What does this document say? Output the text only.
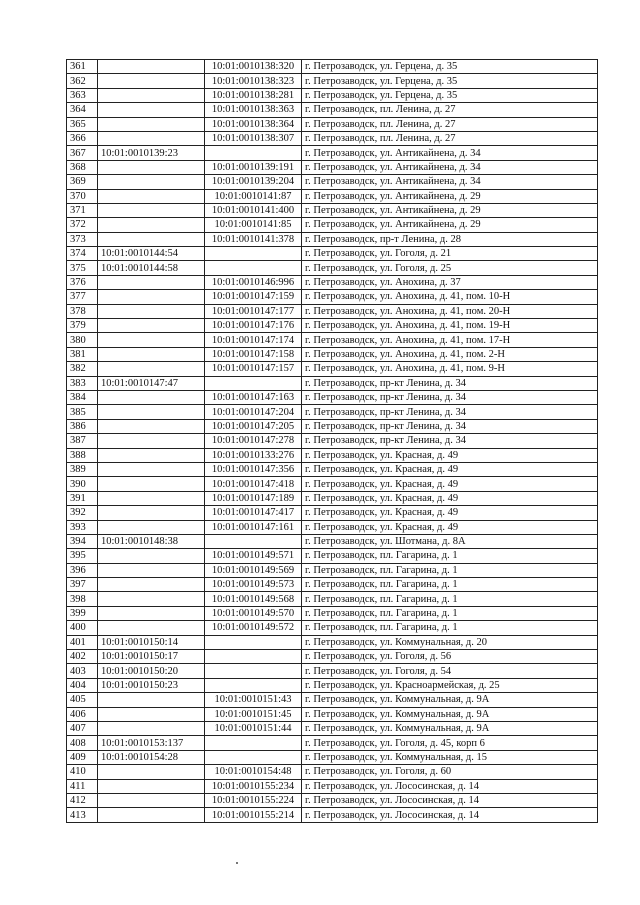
361		10:01:0010138:320	г. Петрозаводск, ул. Герцена, д. 35
362		10:01:0010138:323	г. Петрозаводск, ул. Герцена, д. 35
363		10:01:0010138:281	г. Петрозаводск, ул. Герцена, д. 35
364		10:01:0010138:363	г. Петрозаводск, пл. Ленина, д. 27
365		10:01:0010138:364	г. Петрозаводск, пл. Ленина, д. 27
366		10:01:0010138:307	г. Петрозаводск, пл. Ленина, д. 27
367	10:01:0010139:23		г. Петрозаводск, ул. Антикайнена, д. 34
368		10:01:0010139:191	г. Петрозаводск, ул. Антикайнена, д. 34
369		10:01:0010139:204	г. Петрозаводск, ул. Антикайнена, д. 34
370		10:01:0010141:87	г. Петрозаводск, ул. Антикайнена, д. 29
371		10:01:0010141:400	г. Петрозаводск, ул. Антикайнена, д. 29
372		10:01:0010141:85	г. Петрозаводск, ул. Антикайнена, д. 29
373		10:01:0010141:378	г. Петрозаводск, пр-т Ленина, д. 28
374	10:01:0010144:54		г. Петрозаводск, ул. Гоголя, д. 21
375	10:01:0010144:58		г. Петрозаводск, ул. Гоголя, д. 25
376		10:01:0010146:996	г. Петрозаводск, ул. Анохина, д. 37
377		10:01:0010147:159	г. Петрозаводск, ул. Анохина, д. 41, пом. 10-Н
378		10:01:0010147:177	г. Петрозаводск, ул. Анохина, д. 41, пом. 20-Н
379		10:01:0010147:176	г. Петрозаводск, ул. Анохина, д. 41, пом. 19-Н
380		10:01:0010147:174	г. Петрозаводск, ул. Анохина, д. 41, пом. 17-Н
381		10:01:0010147:158	г. Петрозаводск, ул. Анохина, д. 41, пом. 2-Н
382		10:01:0010147:157	г. Петрозаводск, ул. Анохина, д. 41, пом. 9-Н
383	10:01:0010147:47		г. Петрозаводск, пр-кт Ленина, д. 34
384		10:01:0010147:163	г. Петрозаводск, пр-кт Ленина, д. 34
385		10:01:0010147:204	г. Петрозаводск, пр-кт Ленина, д. 34
386		10:01:0010147:205	г. Петрозаводск, пр-кт Ленина, д. 34
387		10:01:0010147:278	г. Петрозаводск, пр-кт Ленина, д. 34
388		10:01:0010133:276	г. Петрозаводск, ул. Красная, д. 49
389		10:01:0010147:356	г. Петрозаводск, ул. Красная, д. 49
390		10:01:0010147:418	г. Петрозаводск, ул. Красная, д. 49
391		10:01:0010147:189	г. Петрозаводск, ул. Красная, д. 49
392		10:01:0010147:417	г. Петрозаводск, ул. Красная, д. 49
393		10:01:0010147:161	г. Петрозаводск, ул. Красная, д. 49
394	10:01:0010148:38		г. Петрозаводск, ул. Шотмана, д. 8А
395		10:01:0010149:571	г. Петрозаводск, пл. Гагарина, д. 1
396		10:01:0010149:569	г. Петрозаводск, пл. Гагарина, д. 1
397		10:01:0010149:573	г. Петрозаводск, пл. Гагарина, д. 1
398		10:01:0010149:568	г. Петрозаводск, пл. Гагарина, д. 1
399		10:01:0010149:570	г. Петрозаводск, пл. Гагарина, д. 1
400		10:01:0010149:572	г. Петрозаводск, пл. Гагарина, д. 1
401	10:01:0010150:14		г. Петрозаводск, ул. Коммунальная, д. 20
402	10:01:0010150:17		г. Петрозаводск, ул. Гоголя, д. 56
403	10:01:0010150:20		г. Петрозаводск, ул. Гоголя, д. 54
404	10:01:0010150:23		г. Петрозаводск, ул. Красноармейская, д. 25
405		10:01:0010151:43	г. Петрозаводск, ул. Коммунальная, д. 9А
406		10:01:0010151:45	г. Петрозаводск, ул. Коммунальная, д. 9А
407		10:01:0010151:44	г. Петрозаводск, ул. Коммунальная, д. 9А
408	10:01:0010153:137		г. Петрозаводск, ул. Гоголя, д. 45, корп 6
409	10:01:0010154:28		г. Петрозаводск, ул. Коммунальная, д. 15
410		10:01:0010154:48	г. Петрозаводск, ул. Гоголя, д. 60
411		10:01:0010155:234	г. Петрозаводск, ул. Лососинская, д. 14
412		10:01:0010155:224	г. Петрозаводск, ул. Лососинская, д. 14
413		10:01:0010155:214	г. Петрозаводск, ул. Лососинская, д. 14
